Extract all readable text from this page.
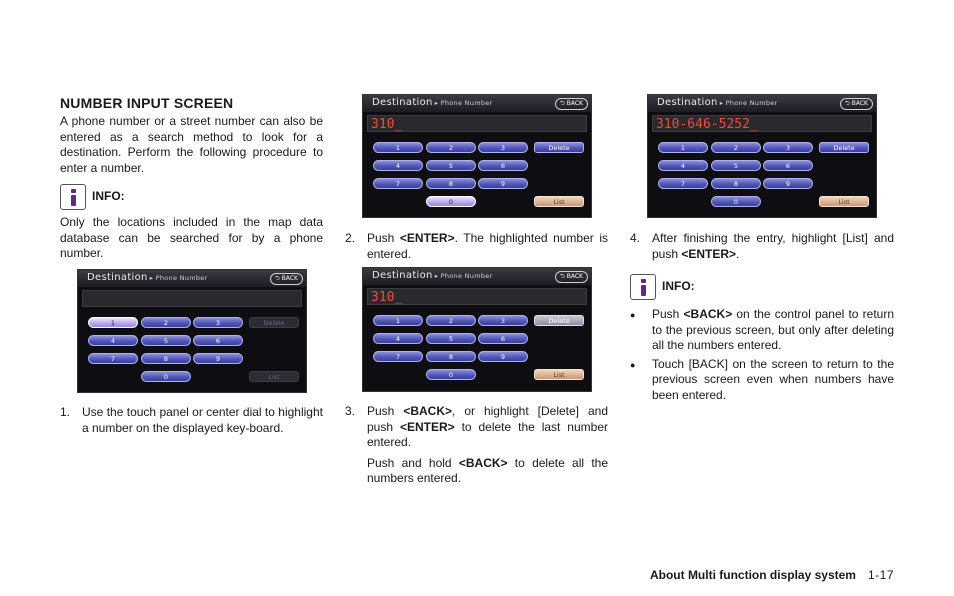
NUMBER INPUT SCREEN

A phone number or a street number can also be entered as a search method to look for a destination. Perform the following procedure to enter a number.

INFO:

Only the locations included in the map data database can be searched for by a phone number.

1. Use the touch panel or center dial to highlight a number on the displayed key-board.
2. Push <ENTER>. The highlighted number is entered.
3. Push <BACK>, or highlight [Delete] and push <ENTER> to delete the last number entered.
Push and hold <BACK> to delete all the numbers entered.
4. After finishing the entry, highlight [List] and push <ENTER>.
INFO:
●	Push <BACK> on the control panel to return to the previous screen, but only after deleting all the numbers entered.
●	Touch [BACK] on the screen to return to the previous screen even when numbers have been entered.
Destination ▸ Phone Number	⮌ BACK
1	2	3
4	5	6
7	8	9
0
Delete
List
Destination ▸ Phone Number	⮌ BACK
310_
1	2	3
4	5	6
7	8	9
0
Delete
List
Destination ▸ Phone Number	⮌ BACK
310_
1	2	3
4	5	6
7	8	9
0
Delete
List
Destination ▸ Phone Number	⮌ BACK
310-646-5252_
1	2	3
4	5	6
7	8	9
0
Delete
List
About Multi function display system 1-17
